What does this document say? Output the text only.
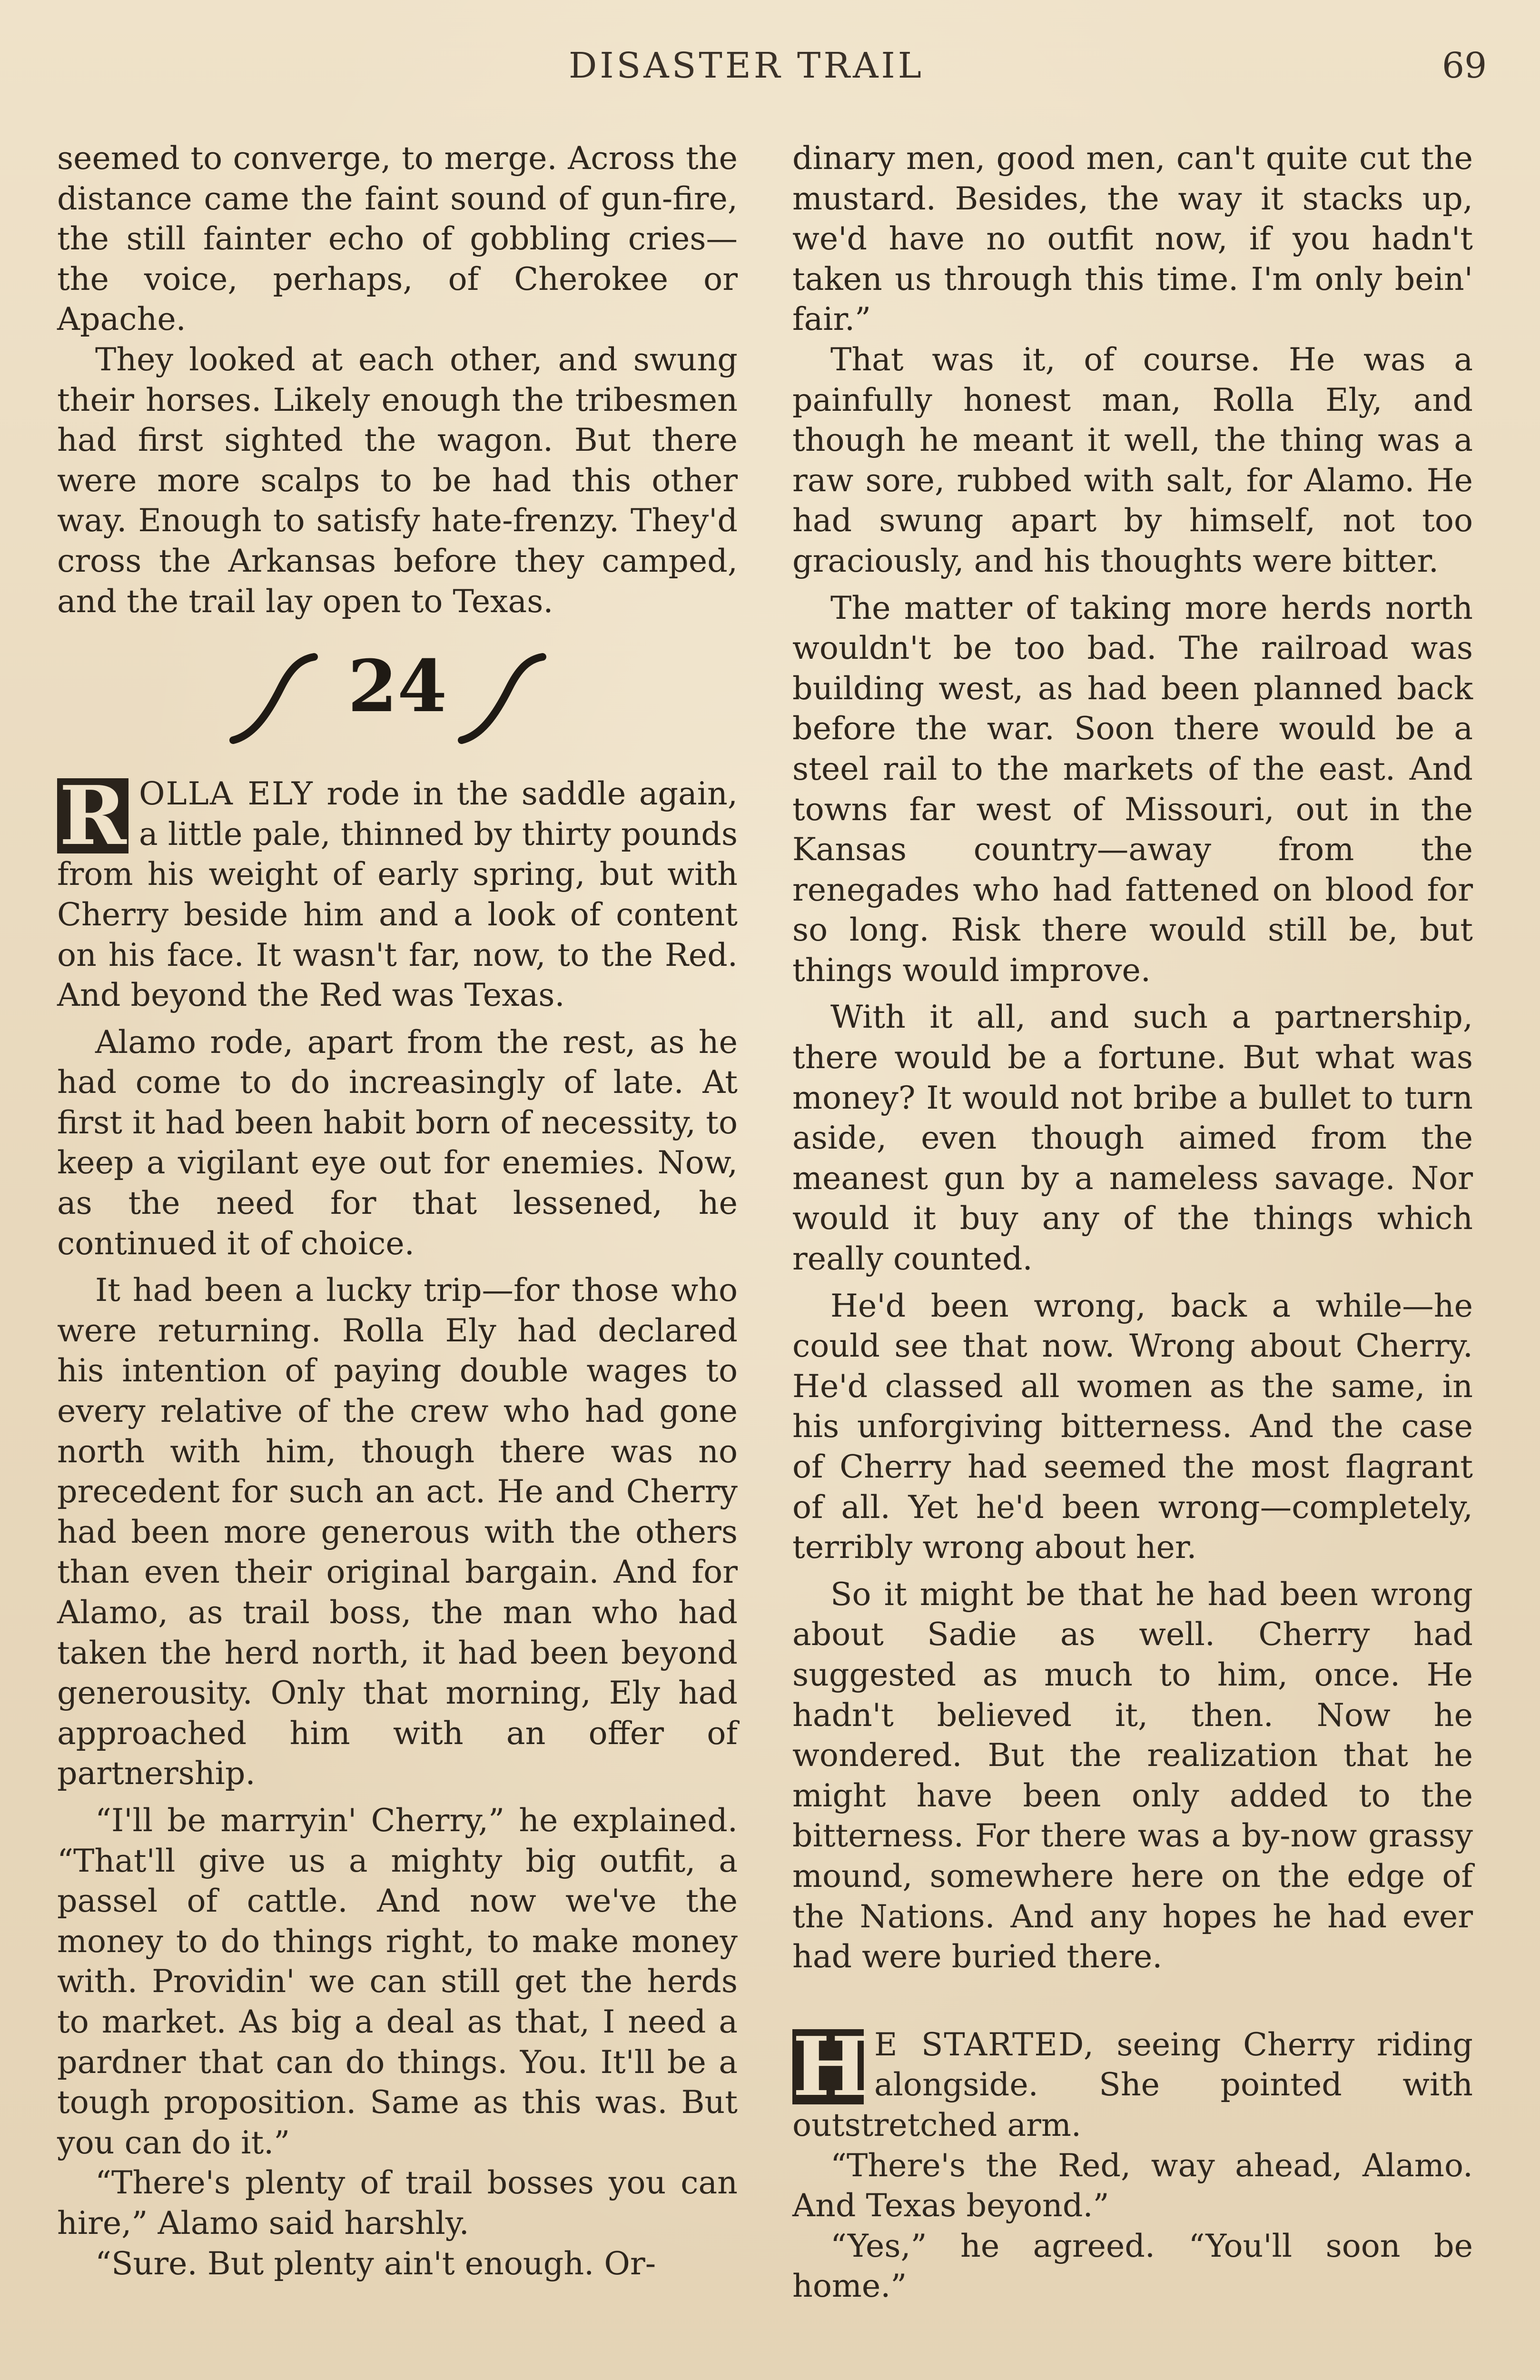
DISASTER TRAIL	69

seemed to converge, to merge. Across the distance came the faint sound of gun-fire, the still fainter echo of gobbling cries—the voice, perhaps, of Cherokee or Apache.

They looked at each other, and swung their horses. Likely enough the tribesmen had first sighted the wagon. But there were more scalps to be had this other way. Enough to satisfy hate-frenzy. They'd cross the Arkansas before they camped, and the trail lay open to Texas.

24

R OLLA ELY rode in the saddle again, a little pale, thinned by thirty pounds from his weight of early spring, but with Cherry beside him and a look of content on his face. It wasn't far, now, to the Red. And beyond the Red was Texas.

Alamo rode, apart from the rest, as he had come to do increasingly of late. At first it had been habit born of necessity, to keep a vigilant eye out for enemies. Now, as the need for that lessened, he continued it of choice.

It had been a lucky trip—for those who were returning. Rolla Ely had declared his intention of paying double wages to every relative of the crew who had gone north with him, though there was no precedent for such an act. He and Cherry had been more generous with the others than even their original bargain. And for Alamo, as trail boss, the man who had taken the herd north, it had been beyond generousity. Only that morning, Ely had approached him with an offer of partnership.

“I'll be marryin' Cherry,” he explained. “That'll give us a mighty big outfit, a passel of cattle. And now we've the money to do things right, to make money with. Providin' we can still get the herds to market. As big a deal as that, I need a pardner that can do things. You. It'll be a tough proposition. Same as this was. But you can do it.”

“There's plenty of trail bosses you can hire,” Alamo said harshly.

“Sure. But plenty ain't enough. Or-

dinary men, good men, can't quite cut the mustard. Besides, the way it stacks up, we'd have no outfit now, if you hadn't taken us through this time. I'm only bein' fair.”

That was it, of course. He was a painfully honest man, Rolla Ely, and though he meant it well, the thing was a raw sore, rubbed with salt, for Alamo. He had swung apart by himself, not too graciously, and his thoughts were bitter.

The matter of taking more herds north wouldn't be too bad. The railroad was building west, as had been planned back before the war. Soon there would be a steel rail to the markets of the east. And towns far west of Missouri, out in the Kansas country—away from the renegades who had fattened on blood for so long. Risk there would still be, but things would improve.

With it all, and such a partnership, there would be a fortune. But what was money? It would not bribe a bullet to turn aside, even though aimed from the meanest gun by a nameless savage. Nor would it buy any of the things which really counted.

He'd been wrong, back a while—he could see that now. Wrong about Cherry. He'd classed all women as the same, in his unforgiving bitterness. And the case of Cherry had seemed the most flagrant of all. Yet he'd been wrong—completely, terribly wrong about her.

So it might be that he had been wrong about Sadie as well. Cherry had suggested as much to him, once. He hadn't believed it, then. Now he wondered. But the realization that he might have been only added to the bitterness. For there was a by-now grassy mound, somewhere here on the edge of the Nations. And any hopes he had ever had were buried there.

H E STARTED, seeing Cherry riding alongside. She pointed with outstretched arm.

“There's the Red, way ahead, Alamo. And Texas beyond.”

“Yes,” he agreed. “You'll soon be home.”
